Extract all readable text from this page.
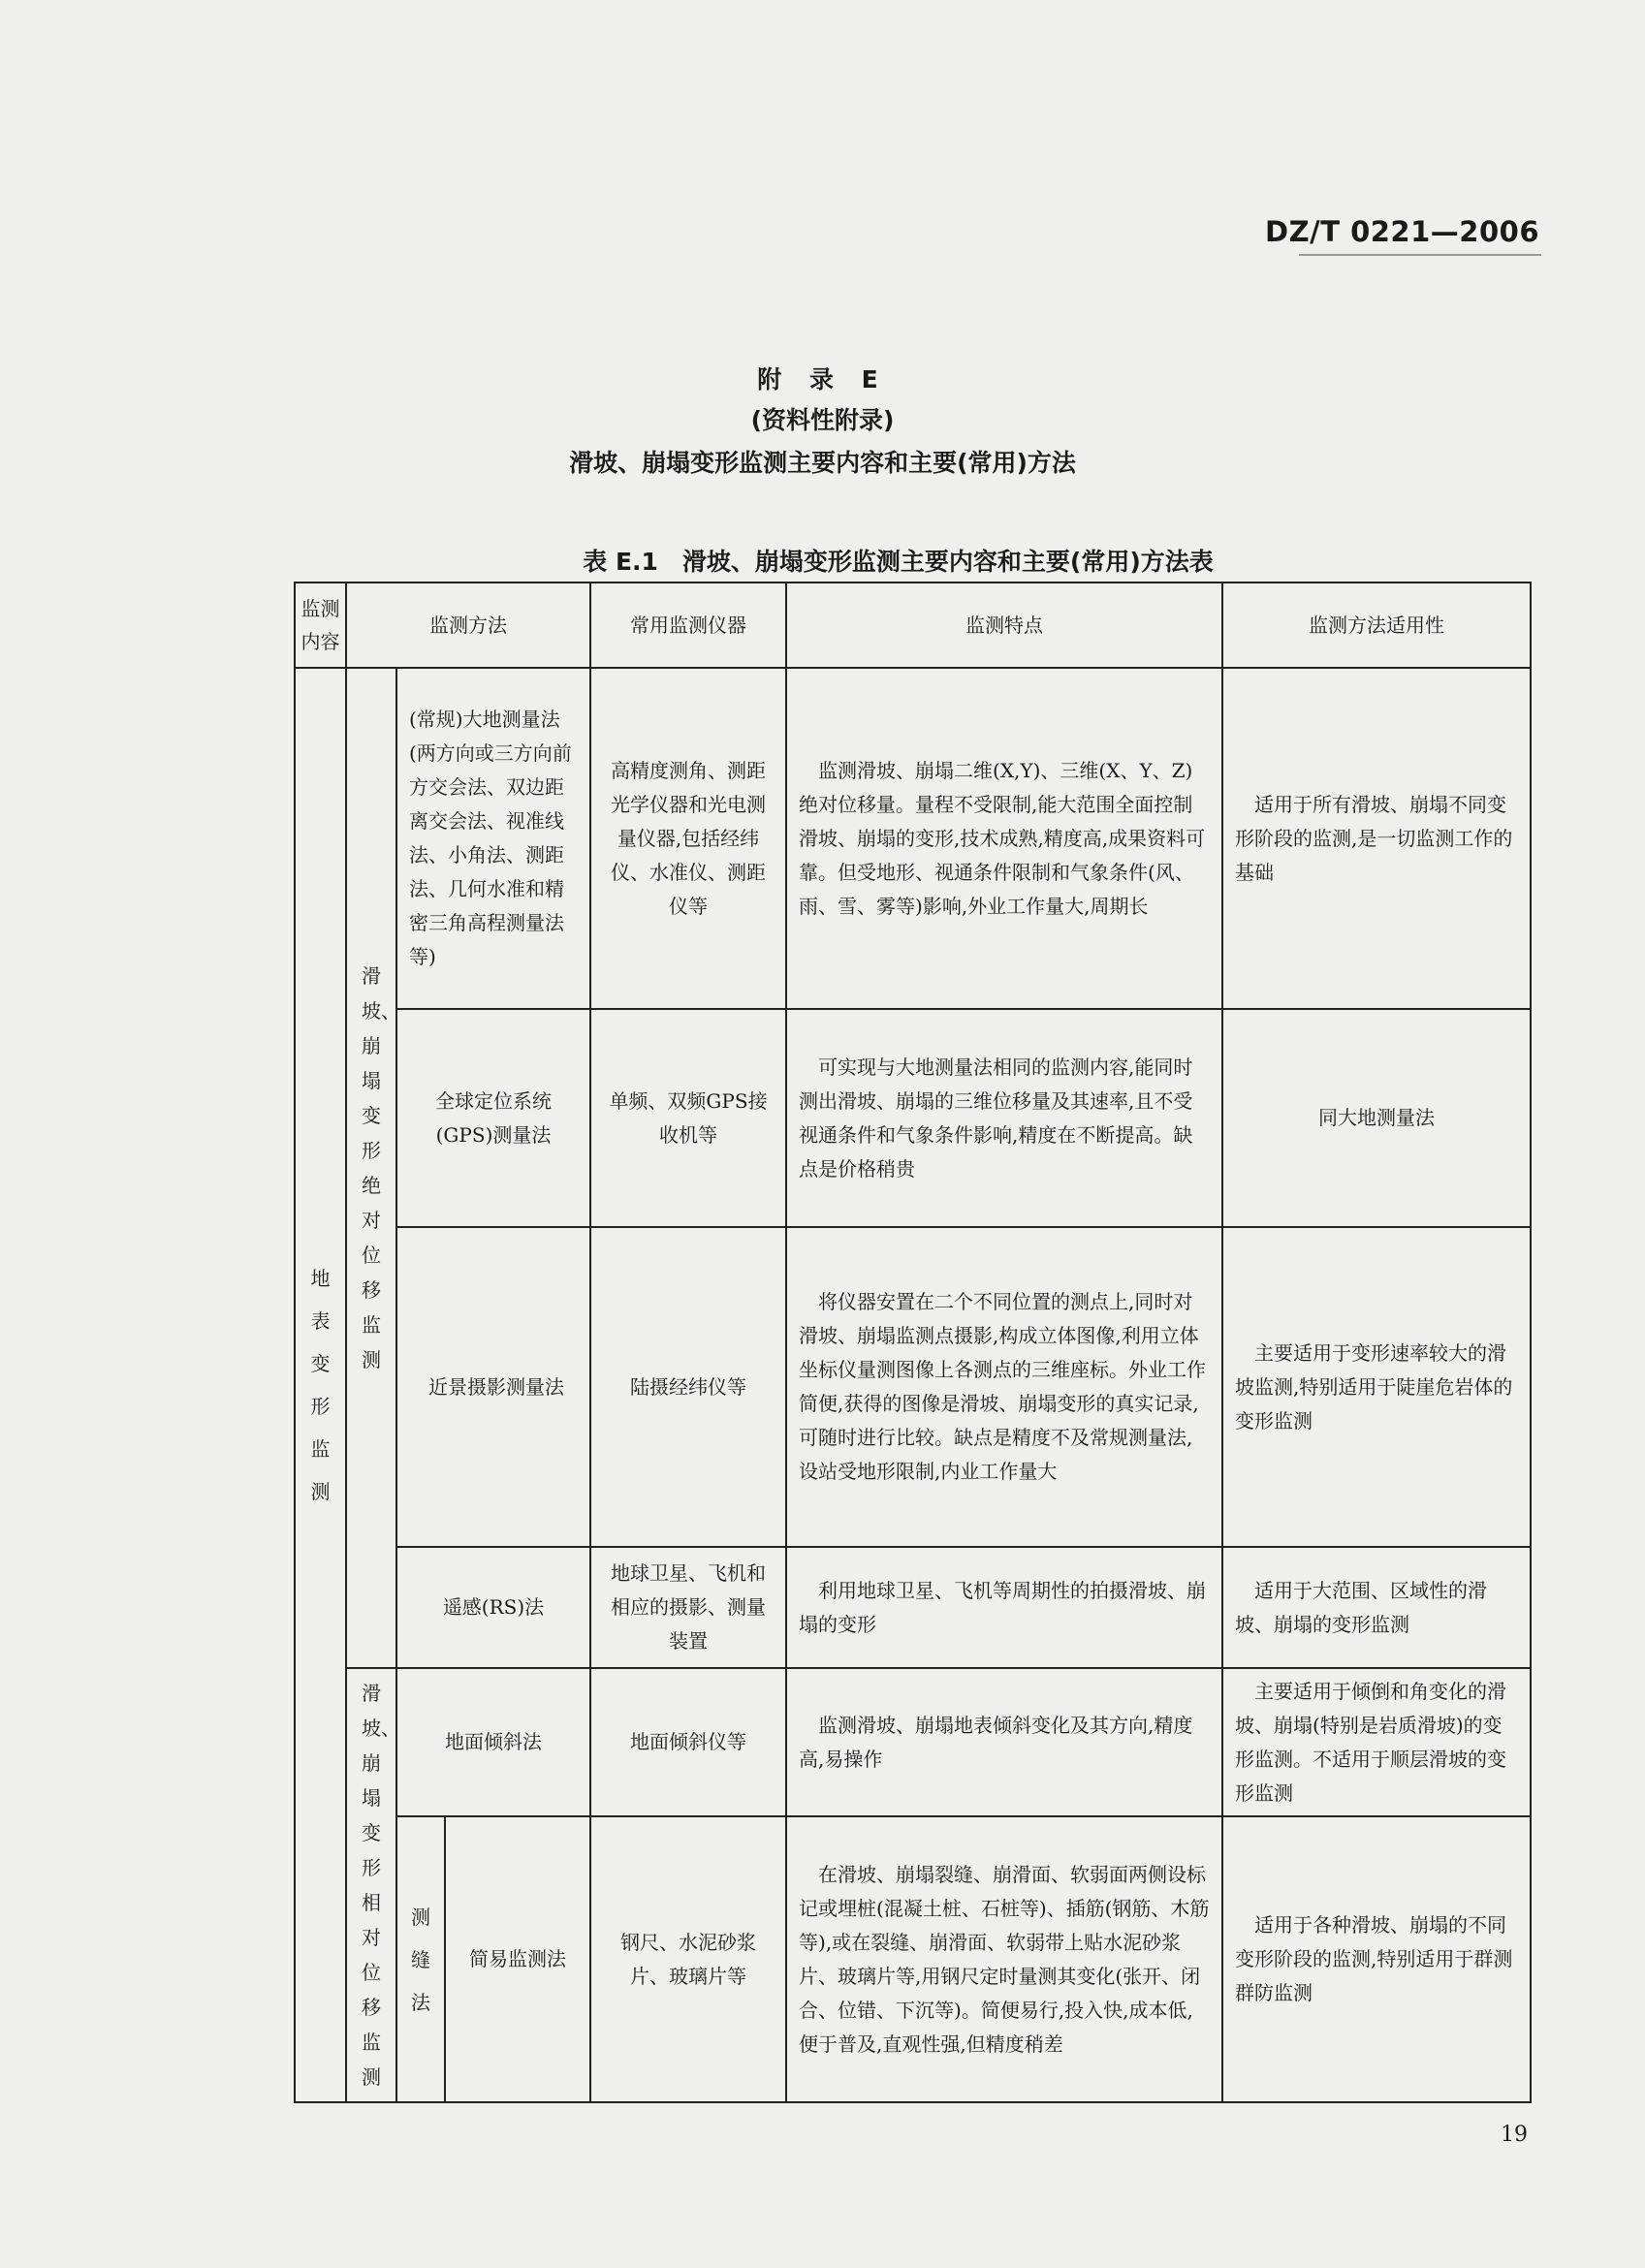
DZ/T 0221—2006
附 录 E
(资料性附录)
滑坡、崩塌变形监测主要内容和主要(常用)方法
表 E.1　滑坡、崩塌变形监测主要内容和主要(常用)方法表
监测内容	监测方法			常用监测仪器	监测特点	监测方法适用性

地表变形监测	滑坡、崩塌变形绝对位移监测	(常规)大地测量法(两方向或三方向前方交会法、双边距离交会法、视准线法、小角法、测距法、几何水准和精密三角高程测量法等)		高精度测角、测距光学仪器和光电测量仪器,包括经纬仪、水准仪、测距仪等	监测滑坡、崩塌二维(X,Y)、三维(X、Y、Z)绝对位移量。量程不受限制,能大范围全面控制滑坡、崩塌的变形,技术成熟,精度高,成果资料可靠。但受地形、视通条件限制和气象条件(风、雨、雪、雾等)影响,外业工作量大,周期长	适用于所有滑坡、崩塌不同变形阶段的监测,是一切监测工作的基础
		全球定位系统(GPS)测量法		单频、双频GPS接收机等	可实现与大地测量法相同的监测内容,能同时测出滑坡、崩塌的三维位移量及其速率,且不受视通条件和气象条件影响,精度在不断提高。缺点是价格稍贵	同大地测量法
		近景摄影测量法		陆摄经纬仪等	将仪器安置在二个不同位置的测点上,同时对滑坡、崩塌监测点摄影,构成立体图像,利用立体坐标仪量测图像上各测点的三维座标。外业工作简便,获得的图像是滑坡、崩塌变形的真实记录,可随时进行比较。缺点是精度不及常规测量法,设站受地形限制,内业工作量大	主要适用于变形速率较大的滑坡监测,特别适用于陡崖危岩体的变形监测
		遥感(RS)法		地球卫星、飞机和相应的摄影、测量装置	利用地球卫星、飞机等周期性的拍摄滑坡、崩塌的变形	适用于大范围、区域性的滑坡、崩塌的变形监测

	滑坡、崩塌变形相对位移监测	地面倾斜法		地面倾斜仪等	监测滑坡、崩塌地表倾斜变化及其方向,精度高,易操作	主要适用于倾倒和角变化的滑坡、崩塌(特别是岩质滑坡)的变形监测。不适用于顺层滑坡的变形监测

		测缝法	简易监测法	钢尺、水泥砂浆片、玻璃片等	在滑坡、崩塌裂缝、崩滑面、软弱面两侧设标记或埋桩(混凝土桩、石桩等)、插筋(钢筋、木筋等),或在裂缝、崩滑面、软弱带上贴水泥砂浆片、玻璃片等,用钢尺定时量测其变化(张开、闭合、位错、下沉等)。简便易行,投入快,成本低,便于普及,直观性强,但精度稍差	适用于各种滑坡、崩塌的不同变形阶段的监测,特别适用于群测群防监测
19
